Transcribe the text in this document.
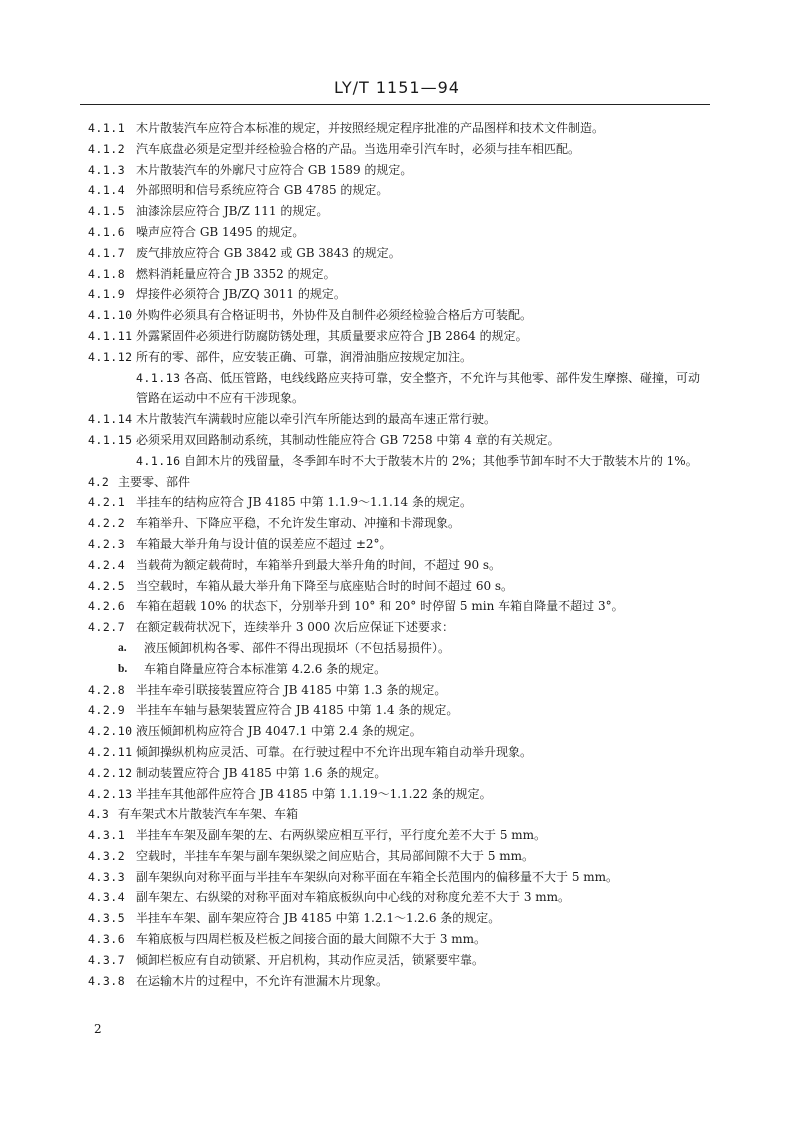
LY/T 1151—94
4.1.1 木片散装汽车应符合本标准的规定，并按照经规定程序批准的产品图样和技术文件制造。
4.1.2 汽车底盘必须是定型并经检验合格的产品。当选用牵引汽车时，必须与挂车相匹配。
4.1.3 木片散装汽车的外廓尺寸应符合 GB 1589 的规定。
4.1.4 外部照明和信号系统应符合 GB 4785 的规定。
4.1.5 油漆涂层应符合 JB/Z 111 的规定。
4.1.6 噪声应符合 GB 1495 的规定。
4.1.7 废气排放应符合 GB 3842 或 GB 3843 的规定。
4.1.8 燃料消耗量应符合 JB 3352 的规定。
4.1.9 焊接件必须符合 JB/ZQ 3011 的规定。
4.1.10 外购件必须具有合格证明书，外协件及自制件必须经检验合格后方可装配。
4.1.11 外露紧固件必须进行防腐防锈处理，其质量要求应符合 JB 2864 的规定。
4.1.12 所有的零、部件，应安装正确、可靠，润滑油脂应按规定加注。
4.1.13 各高、低压管路，电线线路应夹持可靠，安全整齐，不允许与其他零、部件发生摩擦、碰撞，可动管路在运动中不应有干涉现象。
4.1.14 木片散装汽车满载时应能以牵引汽车所能达到的最高车速正常行驶。
4.1.15 必须采用双回路制动系统，其制动性能应符合 GB 7258 中第 4 章的有关规定。
4.1.16 自卸木片的残留量，冬季卸车时不大于散装木片的 2%；其他季节卸车时不大于散装木片的 1%。
4.2 主要零、部件
4.2.1 半挂车的结构应符合 JB 4185 中第 1.1.9～1.1.14 条的规定。
4.2.2 车箱举升、下降应平稳，不允许发生窜动、冲撞和卡滞现象。
4.2.3 车箱最大举升角与设计值的误差应不超过 ±2°。
4.2.4 当载荷为额定载荷时，车箱举升到最大举升角的时间，不超过 90 s。
4.2.5 当空载时，车箱从最大举升角下降至与底座贴合时的时间不超过 60 s。
4.2.6 车箱在超载 10% 的状态下，分别举升到 10° 和 20° 时停留 5 min 车箱自降量不超过 3°。
4.2.7 在额定载荷状况下，连续举升 3 000 次后应保证下述要求：
a. 液压倾卸机构各零、部件不得出现损坏（不包括易损件）。
b. 车箱自降量应符合本标准第 4.2.6 条的规定。
4.2.8 半挂车牵引联接装置应符合 JB 4185 中第 1.3 条的规定。
4.2.9 半挂车车轴与悬架装置应符合 JB 4185 中第 1.4 条的规定。
4.2.10 液压倾卸机构应符合 JB 4047.1 中第 2.4 条的规定。
4.2.11 倾卸操纵机构应灵活、可靠。在行驶过程中不允许出现车箱自动举升现象。
4.2.12 制动装置应符合 JB 4185 中第 1.6 条的规定。
4.2.13 半挂车其他部件应符合 JB 4185 中第 1.1.19～1.1.22 条的规定。
4.3 有车架式木片散装汽车车架、车箱
4.3.1 半挂车车架及副车架的左、右两纵梁应相互平行，平行度允差不大于 5 mm。
4.3.2 空载时，半挂车车架与副车架纵梁之间应贴合，其局部间隙不大于 5 mm。
4.3.3 副车架纵向对称平面与半挂车车架纵向对称平面在车箱全长范围内的偏移量不大于 5 mm。
4.3.4 副车架左、右纵梁的对称平面对车箱底板纵向中心线的对称度允差不大于 3 mm。
4.3.5 半挂车车架、副车架应符合 JB 4185 中第 1.2.1～1.2.6 条的规定。
4.3.6 车箱底板与四周栏板及栏板之间接合面的最大间隙不大于 3 mm。
4.3.7 倾卸栏板应有自动锁紧、开启机构，其动作应灵活，锁紧要牢靠。
4.3.8 在运输木片的过程中，不允许有泄漏木片现象。
2
